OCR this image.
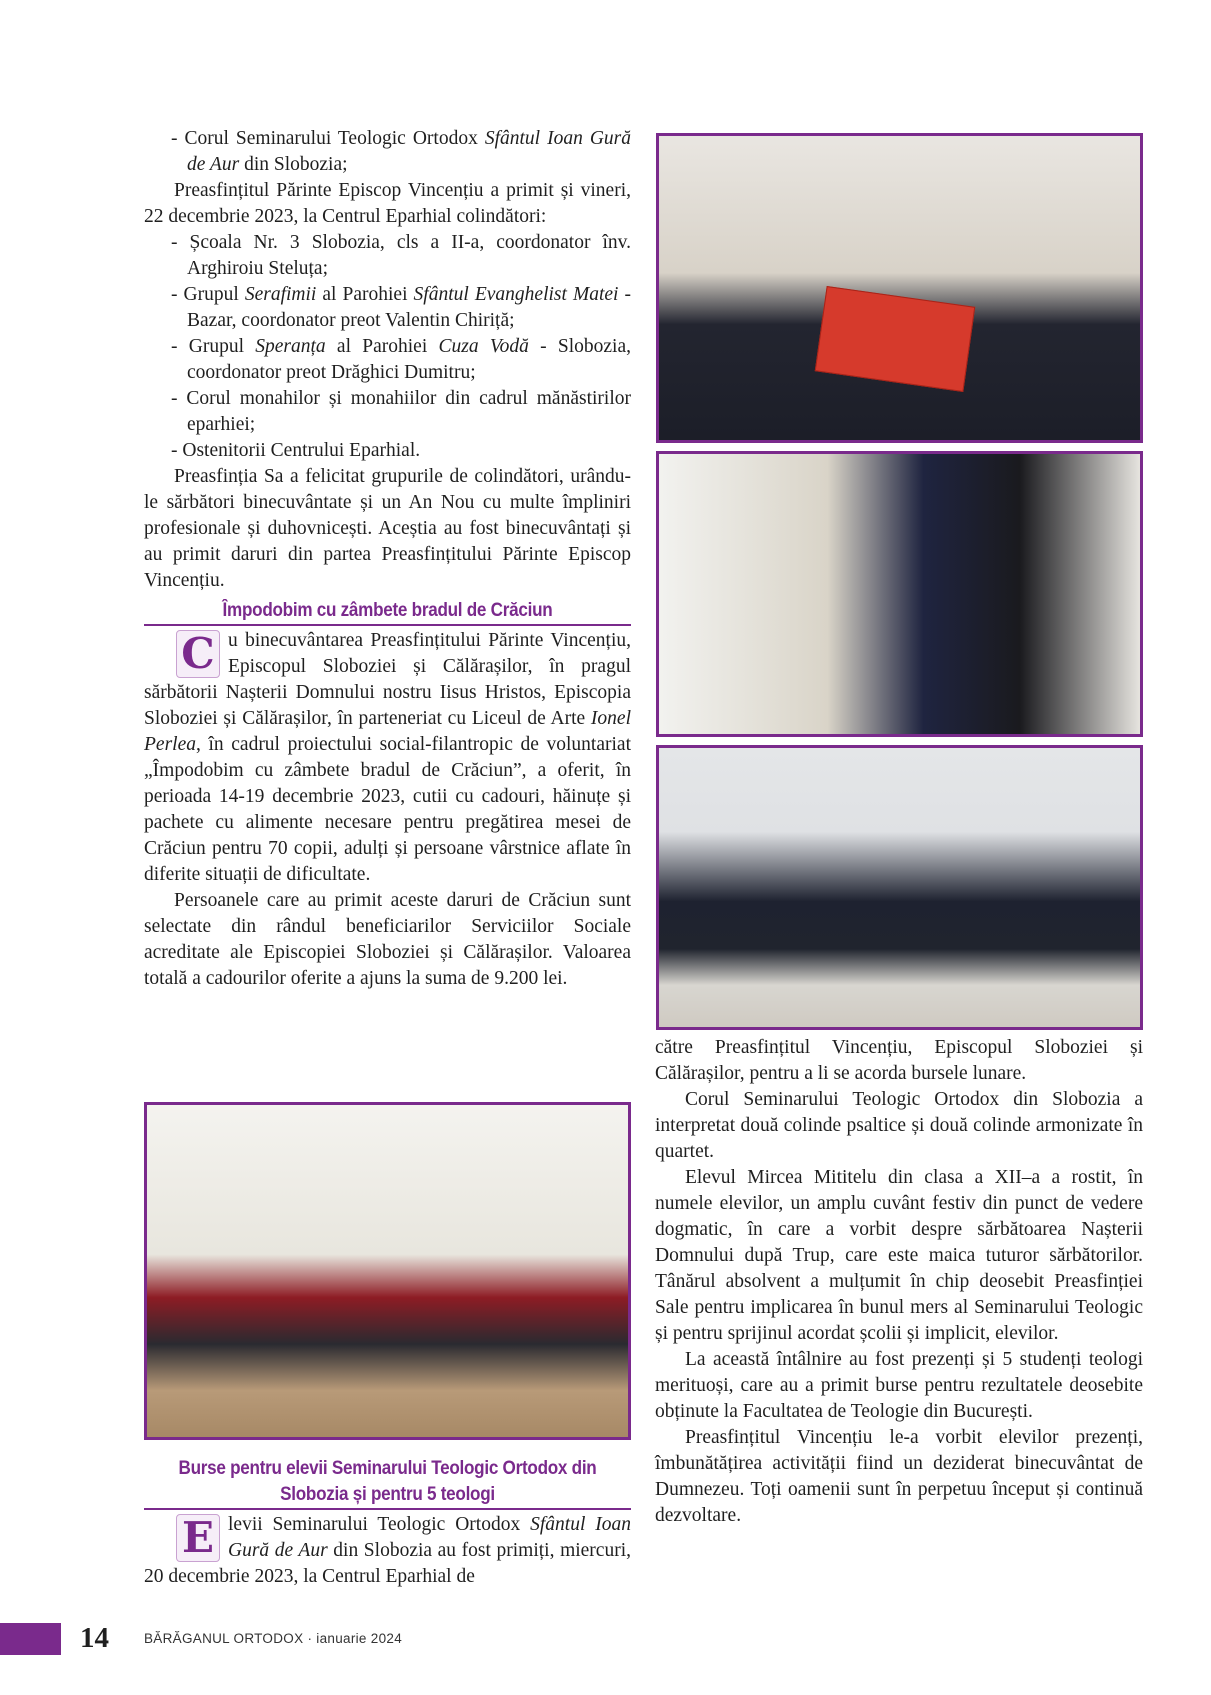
- Corul Seminarului Teologic Ortodox Sfântul Ioan Gură de Aur din Slobozia;

Preasfințitul Părinte Episcop Vincențiu a primit și vineri, 22 decembrie 2023, la Centrul Eparhial colindători:

- Școala Nr. 3 Slobozia, cls a II-a, coordonator înv. Arghiroiu Steluța;

- Grupul Serafimii al Parohiei Sfântul Evanghelist Matei - Bazar, coordonator preot Valentin Chiriță;

- Grupul Speranța al Parohiei Cuza Vodă - Slobozia, coordonator preot Drăghici Dumitru;

- Corul monahilor și monahiilor din cadrul mănăstirilor eparhiei;

- Ostenitorii Centrului Eparhial.

Preasfinția Sa a felicitat grupurile de colindători, urându-le sărbători binecuvântate și un An Nou cu multe împliniri profesionale și duhovnicești. Aceștia au fost binecuvântați și au primit daruri din partea Preasfințitului Părinte Episcop Vincențiu.

Împodobim cu zâmbete bradul de Crăciun

C u binecuvântarea Preasfințitului Părinte Vincențiu, Episcopul Sloboziei și Călărașilor, în pragul sărbătorii Nașterii Domnului nostru Iisus Hristos, Episcopia Sloboziei și Călărașilor, în parteneriat cu Liceul de Arte Ionel Perlea, în cadrul proiectului social-filantropic de voluntariat „Împodobim cu zâmbete bradul de Crăciun”, a oferit, în perioada 14-19 decembrie 2023, cutii cu cadouri, hăinuțe și pachete cu alimente necesare pentru pregătirea mesei de Crăciun pentru 70 copii, adulți și persoane vârstnice aflate în diferite situații de dificultate.

Persoanele care au primit aceste daruri de Crăciun sunt selectate din rândul beneficiarilor Serviciilor Sociale acreditate ale Episcopiei Sloboziei și Călărașilor. Valoarea totală a cadourilor oferite a ajuns la suma de 9.200 lei.

Burse pentru elevii Seminarului Teologic Ortodox din Slobozia și pentru 5 teologi

E levii Seminarului Teologic Ortodox Sfântul Ioan Gură de Aur din Slobozia au fost primiți, miercuri, 20 decembrie 2023, la Centrul Eparhial de

către Preasfințitul Vincențiu, Episcopul Sloboziei și Călărașilor, pentru a li se acorda bursele lunare.

Corul Seminarului Teologic Ortodox din Slobozia a interpretat două colinde psaltice și două colinde armonizate în quartet.

Elevul Mircea Mititelu din clasa a XII–a a rostit, în numele elevilor, un amplu cuvânt festiv din punct de vedere dogmatic, în care a vorbit despre sărbătoarea Nașterii Domnului după Trup, care este maica tuturor sărbătorilor. Tânărul absolvent a mulțumit în chip deosebit Preasfinției Sale pentru implicarea în bunul mers al Seminarului Teologic și pentru sprijinul acordat școlii și implicit, elevilor.

La această întâlnire au fost prezenți și 5 studenți teologi merituoși, care au a primit burse pentru rezultatele deosebite obținute la Facultatea de Teologie din București.

Preasfințitul Vincențiu le-a vorbit elevilor prezenți, îmbunătățirea activității fiind un deziderat binecuvântat de Dumnezeu. Toți oamenii sunt în perpetuu început și continuă dezvoltare.

14	BĂRĂGANUL ORTODOX · ianuarie 2024
